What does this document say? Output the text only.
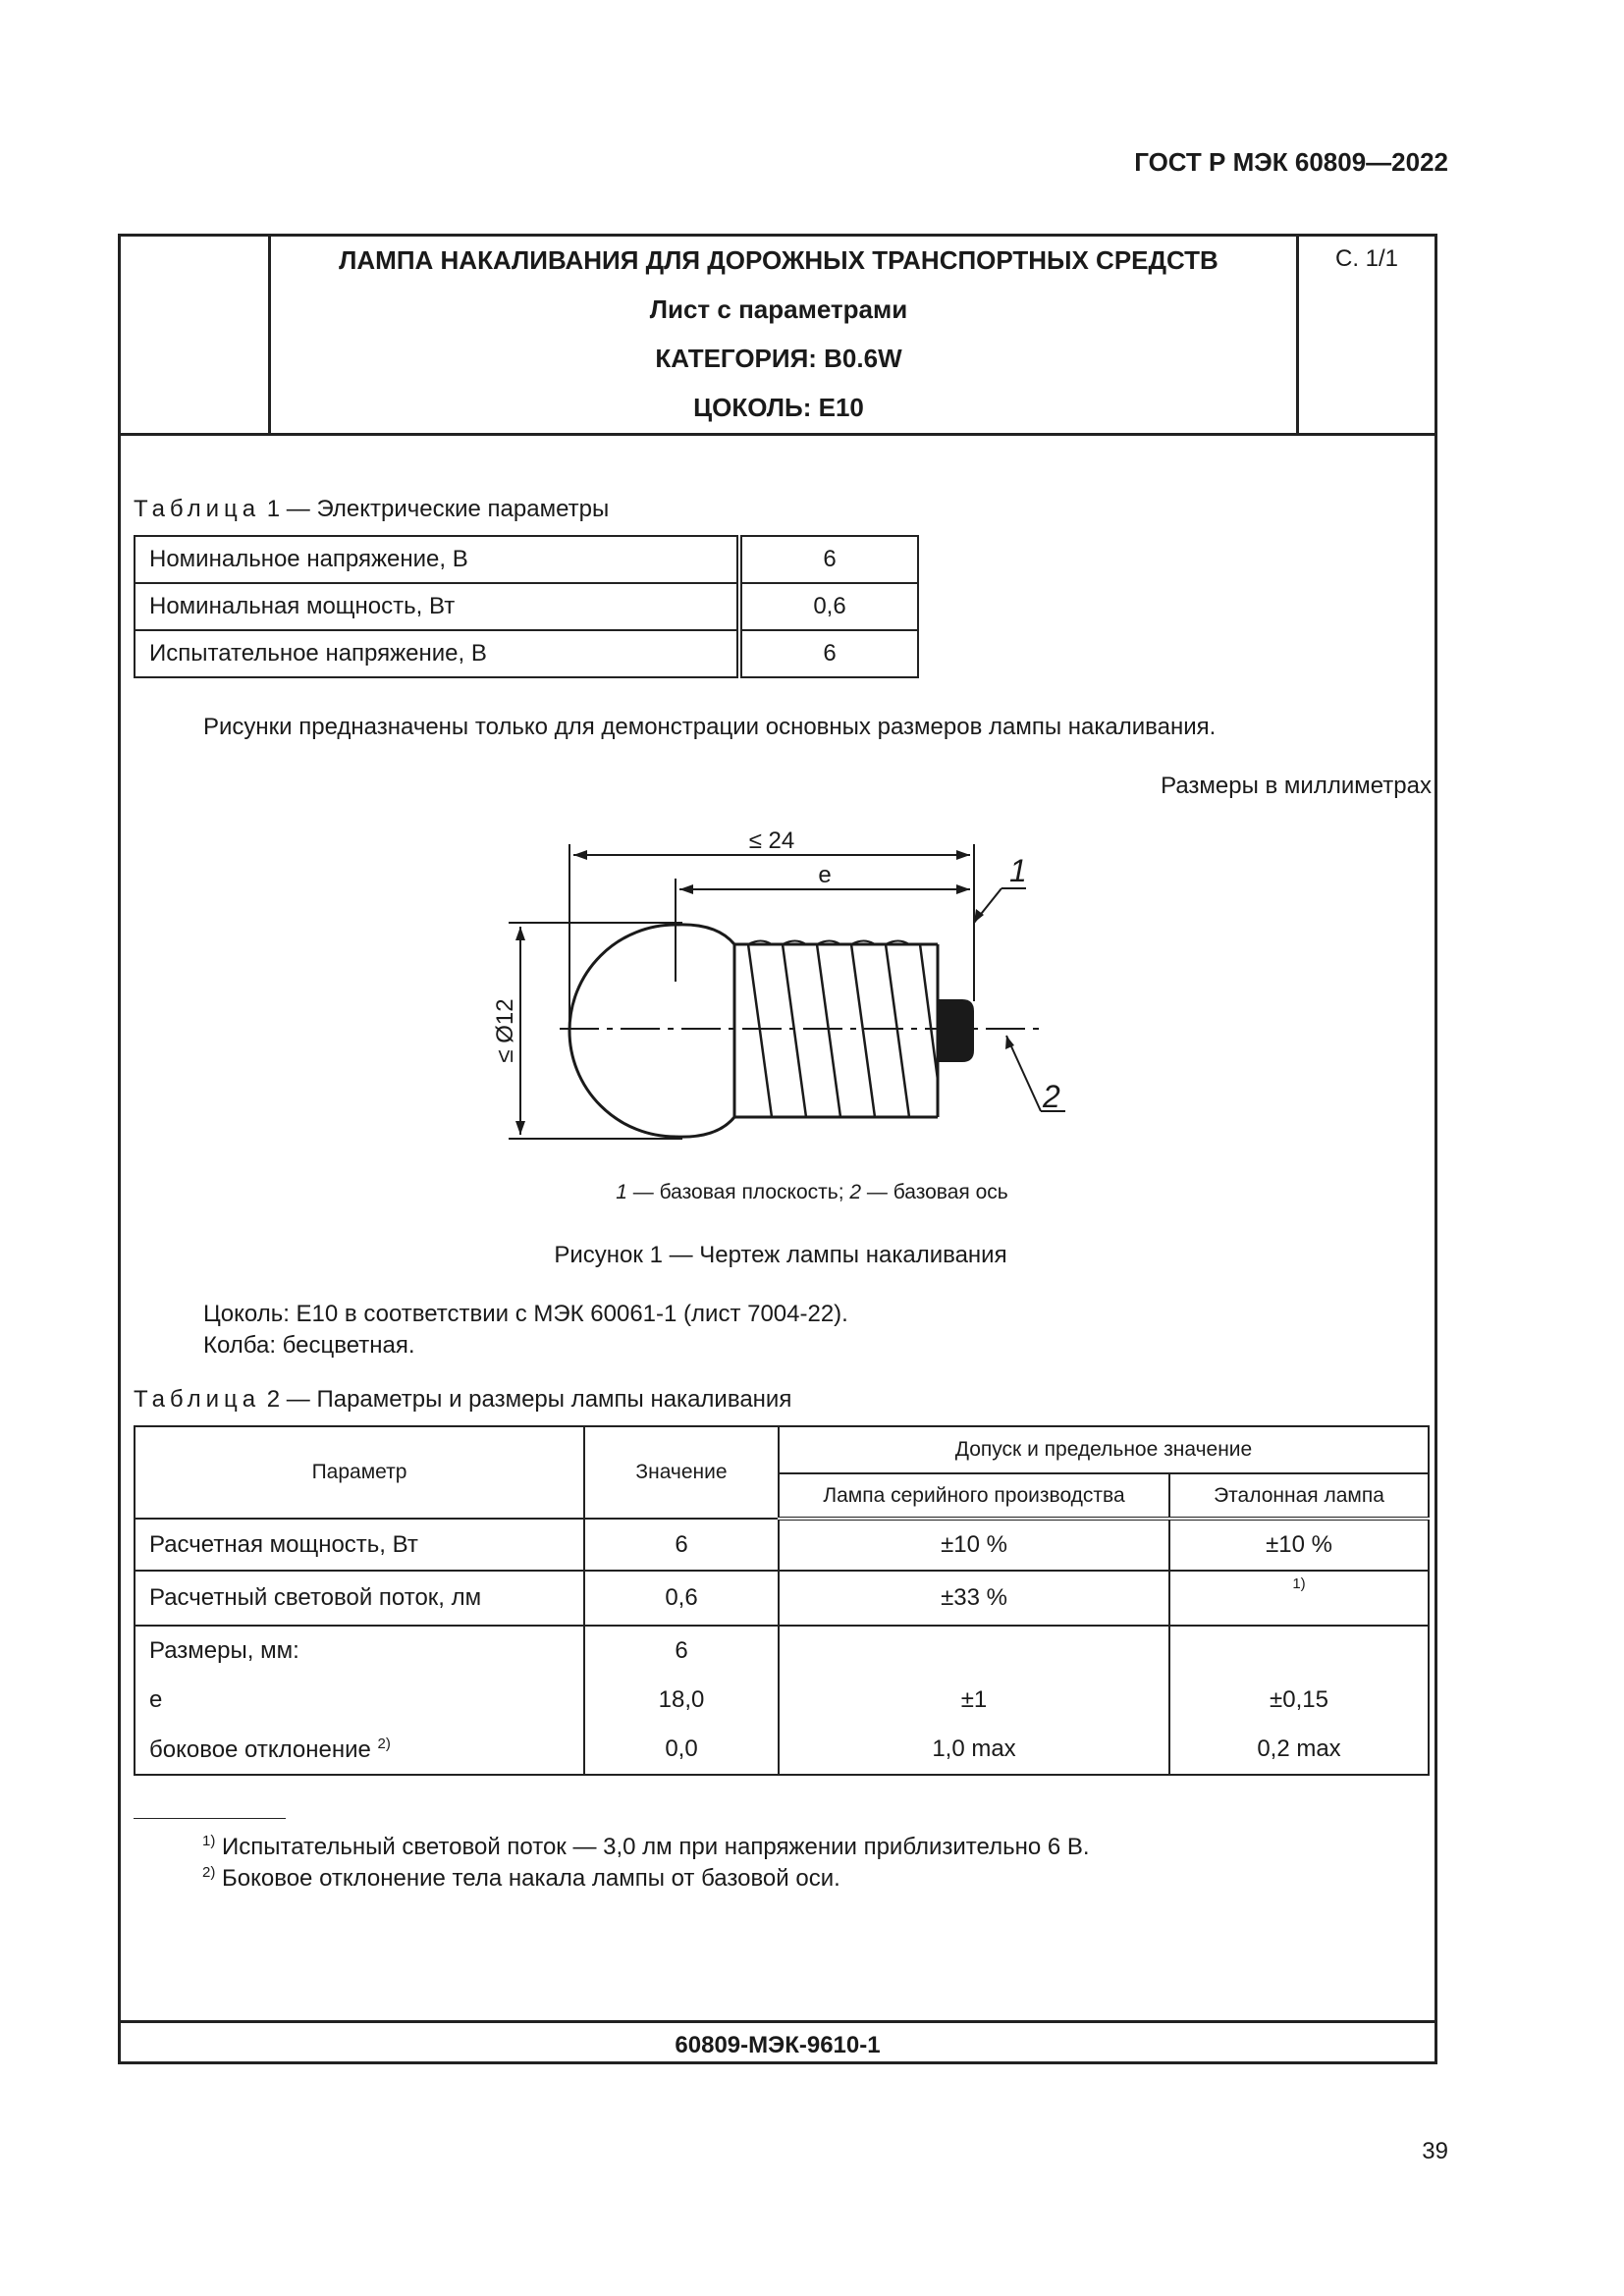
ГОСТ Р МЭК 60809—2022
ЛАМПА НАКАЛИВАНИЯ ДЛЯ ДОРОЖНЫХ ТРАНСПОРТНЫХ СРЕДСТВ
Лист с параметрами
КАТЕГОРИЯ: B0.6W
ЦОКОЛЬ: E10
С. 1/1
Таблица 1 — Электрические параметры
Номинальное напряжение, В	6
Номинальная мощность, Вт	0,6
Испытательное напряжение, В	6
Рисунки предназначены только для демонстрации основных размеров лампы накаливания.
Размеры в миллиметрах
≤ 24
e
≤ Ø12
1
2
1 — базовая плоскость; 2 — базовая ось
Рисунок 1 — Чертеж лампы накаливания
Цоколь: E10 в соответствии с МЭК 60061-1 (лист 7004-22).
Колба: бесцветная.
Таблица 2 — Параметры и размеры лампы накаливания
Параметр	Значение	Допуск и предельное значение	
		Лампа серийного производства	Эталонная лампа
Расчетная мощность, Вт	6	±10 %	±10 %
Расчетный световой поток, лм	0,6	±33 %	$^{1)}$
Размеры, мм:	6		
e	18,0	±1	±0,15
боковое отклонение $^{2)}$	0,0	1,0 max	0,2 max
$^{1)}$ Испытательный световой поток — 3,0 лм при напряжении приблизительно 6 В.
$^{2)}$ Боковое отклонение тела накала лампы от базовой оси.
60809-МЭК-9610-1
39
